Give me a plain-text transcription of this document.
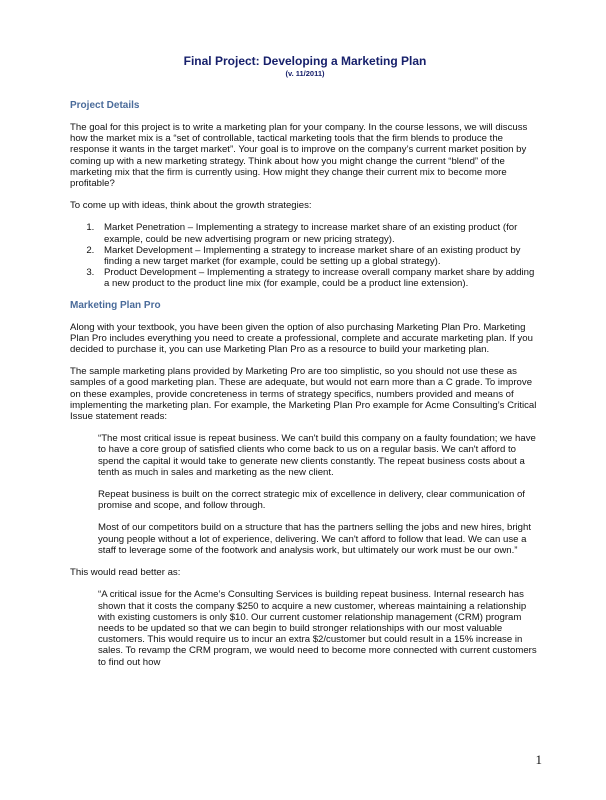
Final Project: Developing a Marketing Plan
(v. 11/2011)
Project Details

The goal for this project is to write a marketing plan for your company. In the course lessons, we will discuss how the market mix is a “set of controllable, tactical marketing tools that the firm blends to produce the response it wants in the target market”. Your goal is to improve on the company’s current market position by coming up with a new marketing strategy. Think about how you might change the current “blend” of the marketing mix that the firm is currently using. How might they change their current mix to become more profitable?

To come up with ideas, think about the growth strategies:

1. Market Penetration – Implementing a strategy to increase market share of an existing product (for example, could be new advertising program or new pricing strategy).
2. Market Development – Implementing a strategy to increase market share of an existing product by finding a new target market (for example, could be setting up a global strategy).
3. Product Development – Implementing a strategy to increase overall company market share by adding a new product to the product line mix (for example, could be a product line extension).
Marketing Plan Pro

Along with your textbook, you have been given the option of also purchasing Marketing Plan Pro. Marketing Plan Pro includes everything you need to create a professional, complete and accurate marketing plan. If you decided to purchase it, you can use Marketing Plan Pro as a resource to build your marketing plan.

The sample marketing plans provided by Marketing Pro are too simplistic, so you should not use these as samples of a good marketing plan. These are adequate, but would not earn more than a C grade. To improve on these examples, provide concreteness in terms of strategy specifics, numbers provided and means of implementing the marketing plan. For example, the Marketing Plan Pro example for Acme Consulting’s Critical Issue statement reads:

“The most critical issue is repeat business. We can't build this company on a faulty foundation; we have to have a core group of satisfied clients who come back to us on a regular basis. We can't afford to spend the capital it would take to generate new clients constantly. The repeat business costs about a tenth as much in sales and marketing as the new client.

Repeat business is built on the correct strategic mix of excellence in delivery, clear communication of promise and scope, and follow through.

Most of our competitors build on a structure that has the partners selling the jobs and new hires, bright young people without a lot of experience, delivering. We can't afford to follow that lead. We can use a staff to leverage some of the footwork and analysis work, but ultimately our work must be our own.”

This would read better as:

“A critical issue for the Acme’s Consulting Services is building repeat business. Internal research has shown that it costs the company $250 to acquire a new customer, whereas maintaining a relationship with existing customers is only $10. Our current customer relationship management (CRM) program needs to be updated so that we can begin to build stronger relationships with our most valuable customers. This would require us to incur an extra $2/customer but could result in a 15% increase in sales. To revamp the CRM program, we would need to become more connected with current customers to find out how

1
